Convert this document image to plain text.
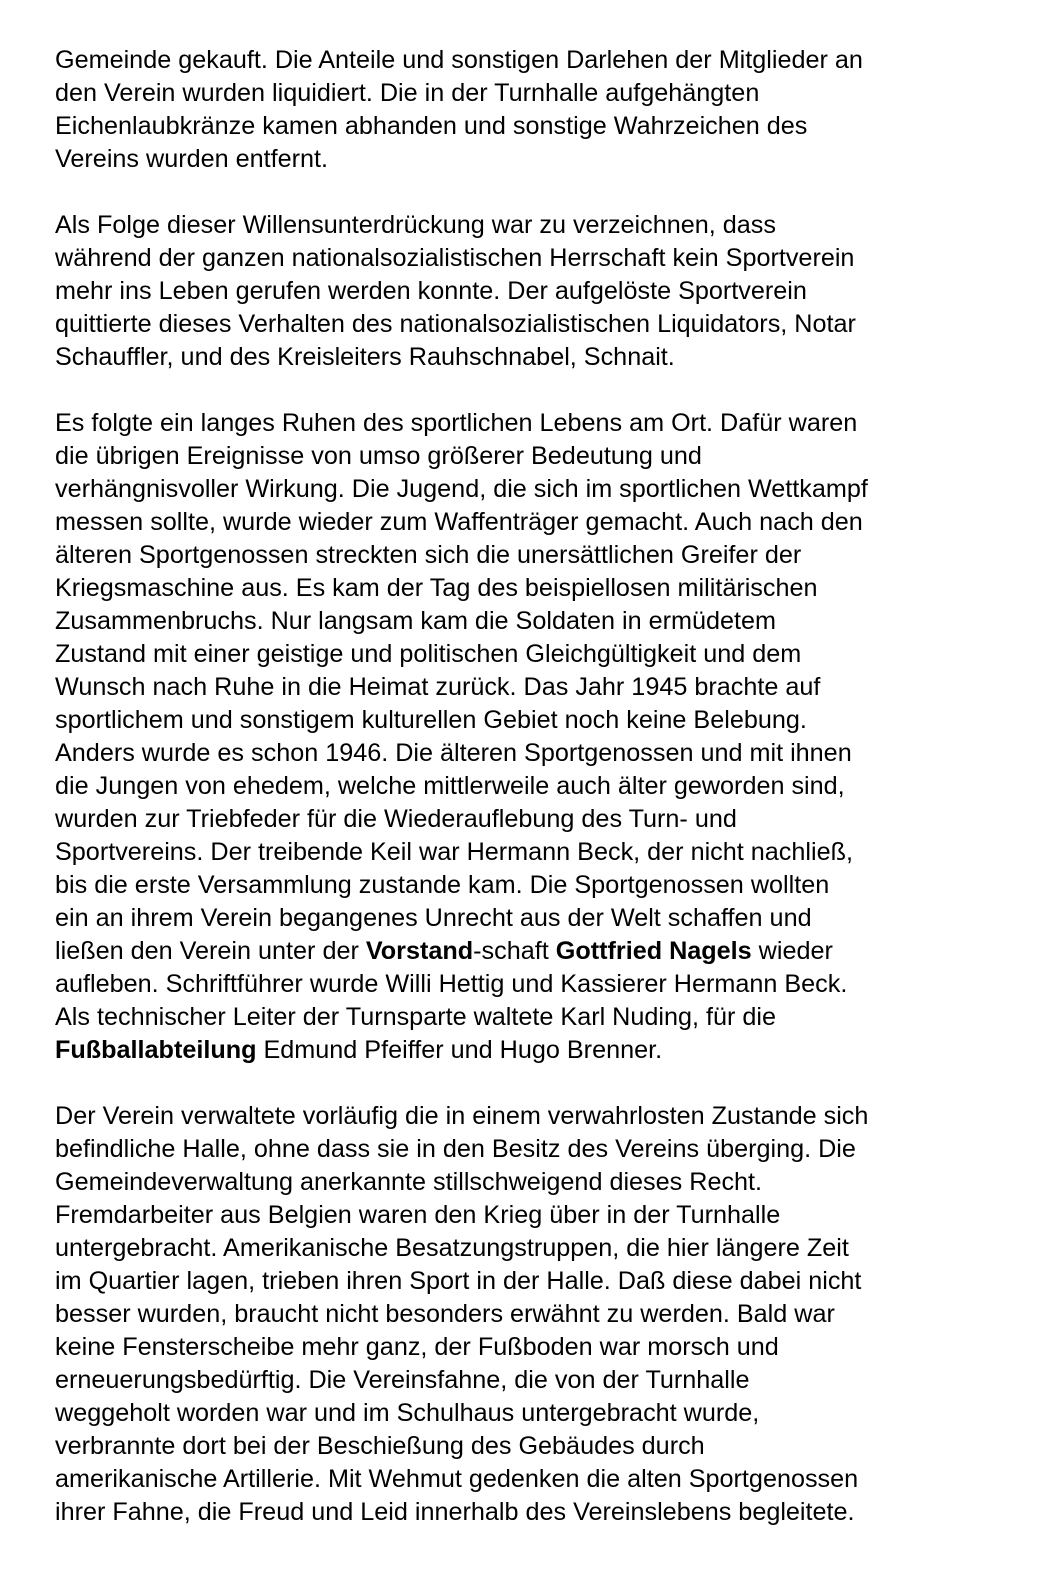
Gemeinde gekauft. Die Anteile und sonstigen Darlehen der Mitglieder an
den Verein wurden liquidiert. Die in der Turnhalle aufgehängten
Eichenlaubkränze kamen abhanden und sonstige Wahrzeichen des
Vereins wurden entfernt.
Als Folge dieser Willensunterdrückung war zu verzeichnen, dass
während der ganzen nationalsozialistischen Herrschaft kein Sportverein
mehr ins Leben gerufen werden konnte. Der aufgelöste Sportverein
quittierte dieses Verhalten des nationalsozialistischen Liquidators, Notar
Schauffler, und des Kreisleiters Rauhschnabel, Schnait.
Es folgte ein langes Ruhen des sportlichen Lebens am Ort. Dafür waren
die übrigen Ereignisse von umso größerer Bedeutung und
verhängnisvoller Wirkung. Die Jugend, die sich im sportlichen Wettkampf
messen sollte, wurde wieder zum Waffenträger gemacht. Auch nach den
älteren Sportgenossen streckten sich die unersättlichen Greifer der
Kriegsmaschine aus. Es kam der Tag des beispiellosen militärischen
Zusammenbruchs. Nur langsam kam die Soldaten in ermüdetem
Zustand mit einer geistige und politischen Gleichgültigkeit und dem
Wunsch nach Ruhe in die Heimat zurück. Das Jahr 1945 brachte auf
sportlichem und sonstigem kulturellen Gebiet noch keine Belebung.
Anders wurde es schon 1946. Die älteren Sportgenossen und mit ihnen
die Jungen von ehedem, welche mittlerweile auch älter geworden sind,
wurden zur Triebfeder für die Wiederauflebung des Turn- und
Sportvereins. Der treibende Keil war Hermann Beck, der nicht nachließ,
bis die erste Versammlung zustande kam. Die Sportgenossen wollten
ein an ihrem Verein begangenes Unrecht aus der Welt schaffen und
ließen den Verein unter der Vorstand-schaft Gottfried Nagels wieder
aufleben. Schriftführer wurde Willi Hettig und Kassierer Hermann Beck.
Als technischer Leiter der Turnsparte waltete Karl Nuding, für die
Fußballabteilung Edmund Pfeiffer und Hugo Brenner.
Der Verein verwaltete vorläufig die in einem verwahrlosten Zustande sich
befindliche Halle, ohne dass sie in den Besitz des Vereins überging. Die
Gemeindeverwaltung anerkannte stillschweigend dieses Recht.
Fremdarbeiter aus Belgien waren den Krieg über in der Turnhalle
untergebracht. Amerikanische Besatzungstruppen, die hier längere Zeit
im Quartier lagen, trieben ihren Sport in der Halle. Daß diese dabei nicht
besser wurden, braucht nicht besonders erwähnt zu werden. Bald war
keine Fensterscheibe mehr ganz, der Fußboden war morsch und
erneuerungsbedürftig. Die Vereinsfahne, die von der Turnhalle
weggeholt worden war und im Schulhaus untergebracht wurde,
verbrannte dort bei der Beschießung des Gebäudes durch
amerikanische Artillerie. Mit Wehmut gedenken die alten Sportgenossen
ihrer Fahne, die Freud und Leid innerhalb des Vereinslebens begleitete.
